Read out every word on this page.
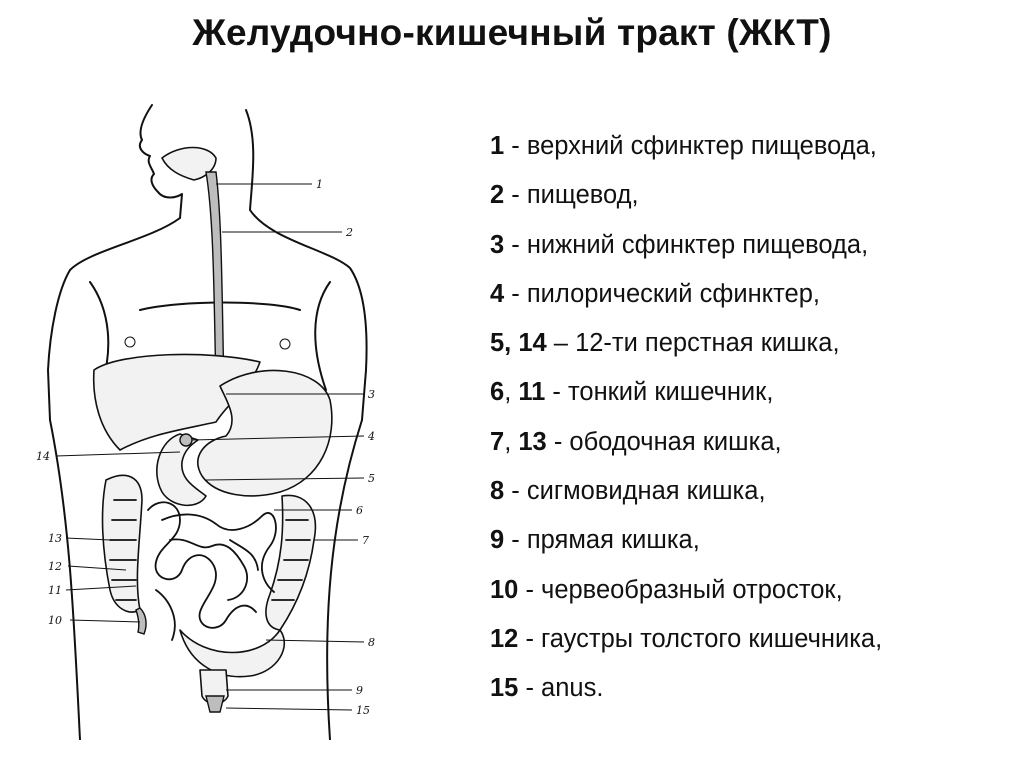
Желудочно-кишечный тракт (ЖКТ)
1
2
3
4
5
6
7
8
9
10
11
12
13
14
15
1 - верхний сфинктер пищевода,
2 - пищевод,
3 - нижний сфинктер пищевода,
4 - пилорический сфинктер,
5, 14 – 12-ти перстная кишка,
6, 11 - тонкий кишечник,
7, 13 - ободочная кишка,
8 - сигмовидная кишка,
9 - прямая кишка,
10 - червеобразный отросток,
12 - гаустры толстого кишечника,
15 - anus.
